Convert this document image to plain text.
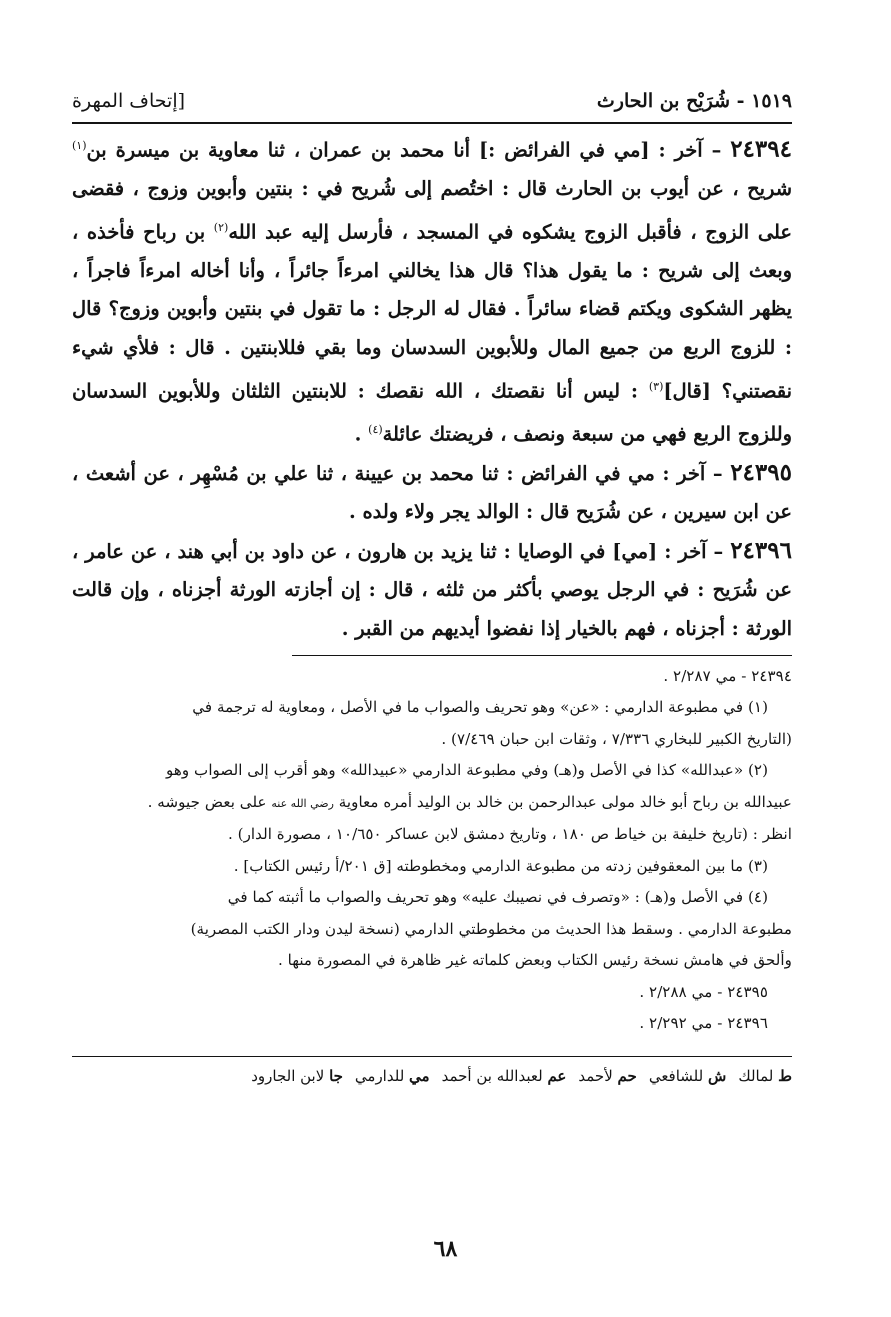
١٥١٩ - شُرَيْح بن الحارث
[إتحاف المهرة

٢٤٣٩٤ – آخر : [مي في الفرائض :] أنا محمد بن عمران ، ثنا معاوية بن ميسرة بن$^{(١)}$ شريح ، عن أيوب بن الحارث قال : اختُصم إلى شُريح في : بنتين وأبوين وزوج ، فقضى على الزوج ، فأقبل الزوج يشكوه في المسجد ، فأرسل إليه عبد الله$^{(٢)}$ بن رباح فأخذه ، وبعث إلى شريح : ما يقول هذا؟ قال هذا يخالني امرءاً جائراً ، وأنا أخاله امرءاً فاجراً ، يظهر الشكوى ويكتم قضاء سائراً . فقال له الرجل : ما تقول في بنتين وأبوين وزوج؟ قال : للزوج الربع من جميع المال وللأبوين السدسان وما بقي فللابنتين . قال : فلأي شيء نقصتني؟ [قال]$^{(٣)}$ : ليس أنا نقصتك ، الله نقصك : للابنتين الثلثان وللأبوين السدسان وللزوج الربع فهي من سبعة ونصف ، فريضتك عائلة$^{(٤)}$ .

٢٤٣٩٥ – آخر : مي في الفرائض : ثنا محمد بن عيينة ، ثنا علي بن مُسْهِر ، عن أشعث ، عن ابن سيرين ، عن شُرَيح قال : الوالد يجر ولاء ولده .

٢٤٣٩٦ – آخر : [مي] في الوصايا : ثنا يزيد بن هارون ، عن داود بن أبي هند ، عن عامر ، عن شُرَيح : في الرجل يوصي بأكثر من ثلثه ، قال : إن أجازته الورثة أجزناه ، وإن قالت الورثة : أجزناه ، فهم بالخيار إذا نفضوا أيديهم من القبر .

٢٤٣٩٤ - مي ٢/٢٨٧ .

(١) في مطبوعة الدارمي : «عن» وهو تحريف والصواب ما في الأصل ، ومعاوية له ترجمة في

(التاريخ الكبير للبخاري ٧/٣٣٦ ، وثقات ابن حبان ٧/٤٦٩) .

(٢) «عبدالله» كذا في الأصل و(هـ) وفي مطبوعة الدارمي «عبيدالله» وهو أقرب إلى الصواب وهو

عبيدالله بن رباح أبو خالد مولى عبدالرحمن بن خالد بن الوليد أمره معاوية رضي الله عنه على بعض جيوشه .

انظر : (تاريخ خليفة بن خياط ص ١٨٠ ، وتاريخ دمشق لابن عساكر ١٠/٦٥٠ ، مصورة الدار) .

(٣) ما بين المعقوفين زدته من مطبوعة الدارمي ومخطوطته [ق ٢٠١/أ رئيس الكتاب] .

(٤) في الأصل و(هـ) : «وتصرف في نصيبك عليه» وهو تحريف والصواب ما أثبته كما في

مطبوعة الدارمي . وسقط هذا الحديث من مخطوطتي الدارمي (نسخة ليدن ودار الكتب المصرية)

وألحق في هامش نسخة رئيس الكتاب وبعض كلماته غير ظاهرة في المصورة منها .

٢٤٣٩٥ - مي ٢/٢٨٨ .

٢٤٣٩٦ - مي ٢/٢٩٢ .

ط لمالك
ش للشافعي
حم لأحمد
عم لعبدالله بن أحمد
مي للدارمي
جا لابن الجارود
٦٨
